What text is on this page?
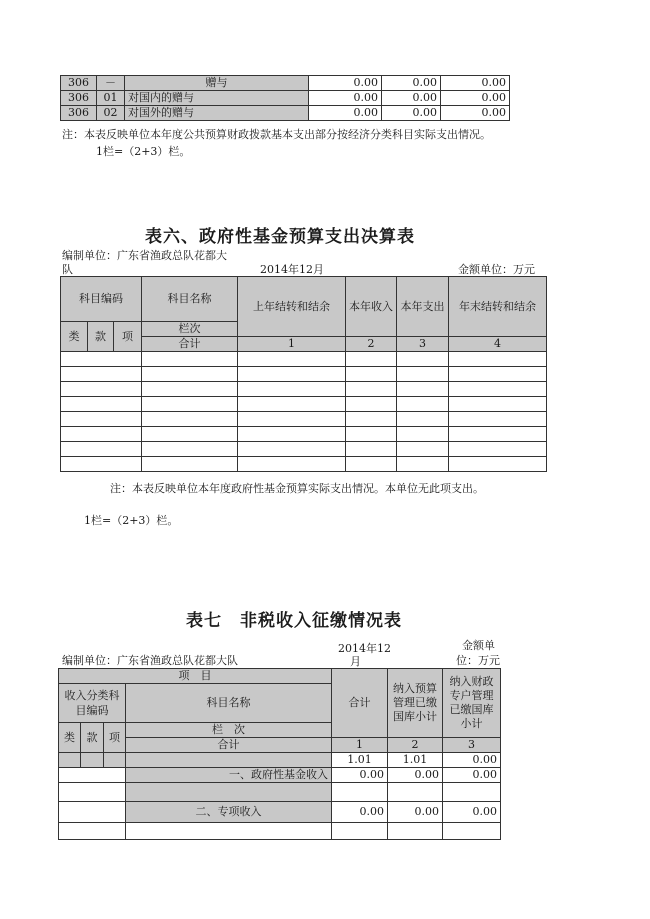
306	－	赠与	0.00	0.00	0.00
306	01	对国内的赠与	0.00	0.00	0.00
306	02	对国外的赠与	0.00	0.00	0.00
注：本表反映单位本年度公共预算财政拨款基本支出部分按经济分类科目实际支出情况。
1栏=（2+3）栏。
表六、政府性基金预算支出决算表
编制单位：广东省渔政总队花都大
队	2014年12月	金额单位：万元
科目编码			科目名称	上年结转和结余	本年收入	本年支出	年末结转和结余
类	款	项	栏次				
			合计	1	2	3	4

注：本表反映单位本年度政府性基金预算实际支出情况。本单位无此项支出。
1栏=（2+3）栏。
表七　非税收入征缴情况表
2014年12
月
金额单
位：万元
编制单位：广东省渔政总队花都大队
项　目				合计	纳入预算管理已缴国库小计	纳入财政专户管理已缴国库小计
收入分类科目编码			科目名称			
类	款	项	栏　次			
			合计	1	2	3
				1.01	1.01	0.00
			一、政府性基金收入	0.00	0.00	0.00

			二、专项收入	0.00	0.00	0.00
